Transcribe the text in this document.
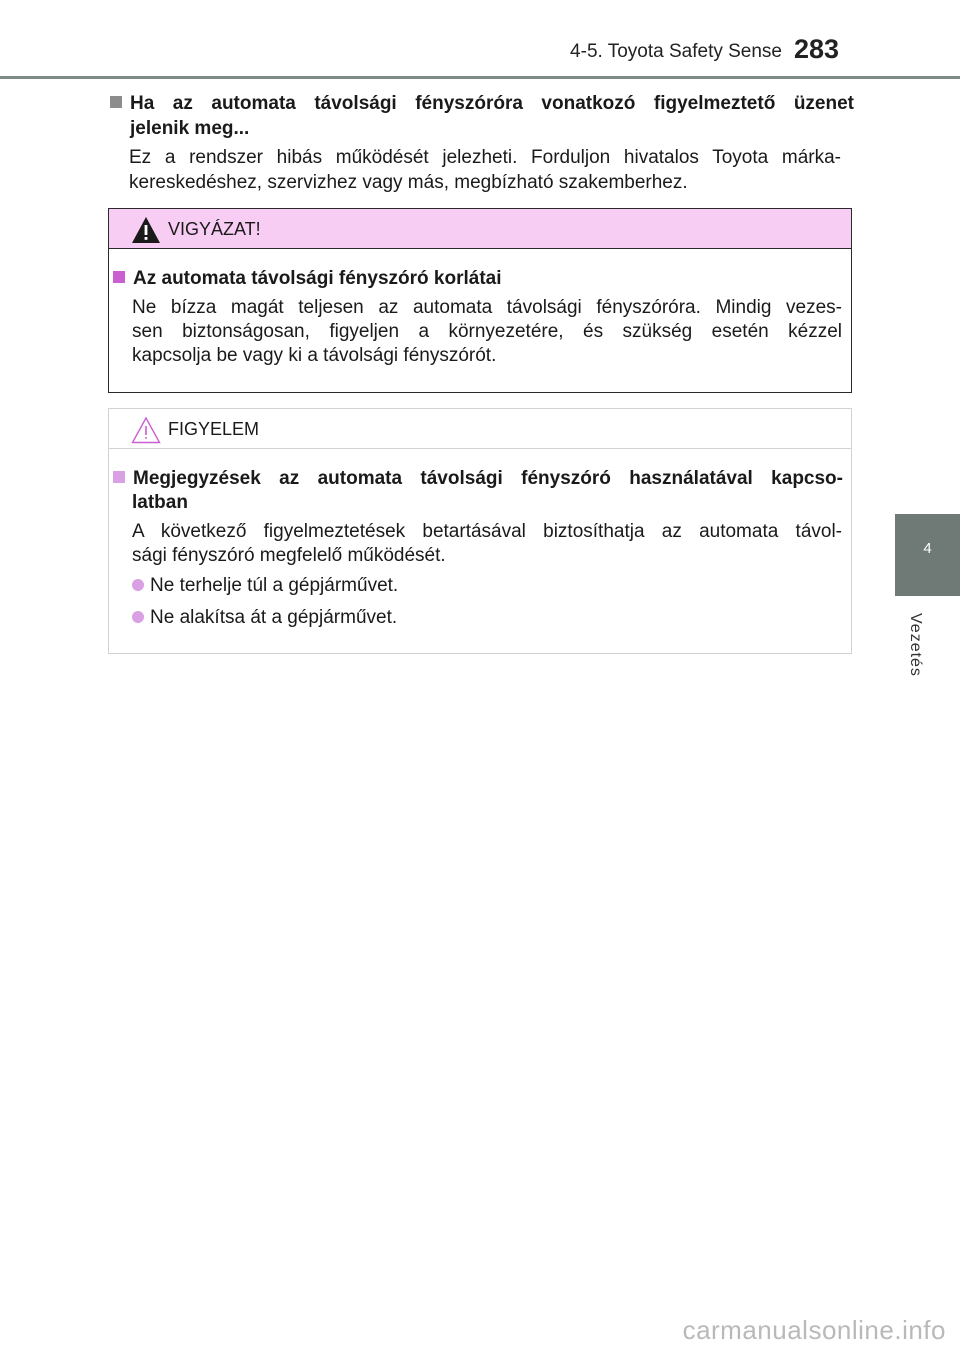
4-5. Toyota Safety Sense 283
4
Vezetés
Ha az automata távolsági fényszóróra vonatkozó figyelmeztető üzenet
jelenik meg...
Ez a rendszer hibás működését jelezheti. Forduljon hivatalos Toyota márka-
kereskedéshez, szervizhez vagy más, megbízható szakemberhez.
VIGYÁZAT!
Az automata távolsági fényszóró korlátai
Ne bízza magát teljesen az automata távolsági fényszóróra. Mindig vezes-
sen biztonságosan, figyeljen a környezetére, és szükség esetén kézzel
kapcsolja be vagy ki a távolsági fényszórót.
FIGYELEM
Megjegyzések az automata távolsági fényszóró használatával kapcso-
latban
A következő figyelmeztetések betartásával biztosíthatja az automata távol-
sági fényszóró megfelelő működését.
Ne terhelje túl a gépjárművet.
Ne alakítsa át a gépjárművet.
carmanualsonline.info
